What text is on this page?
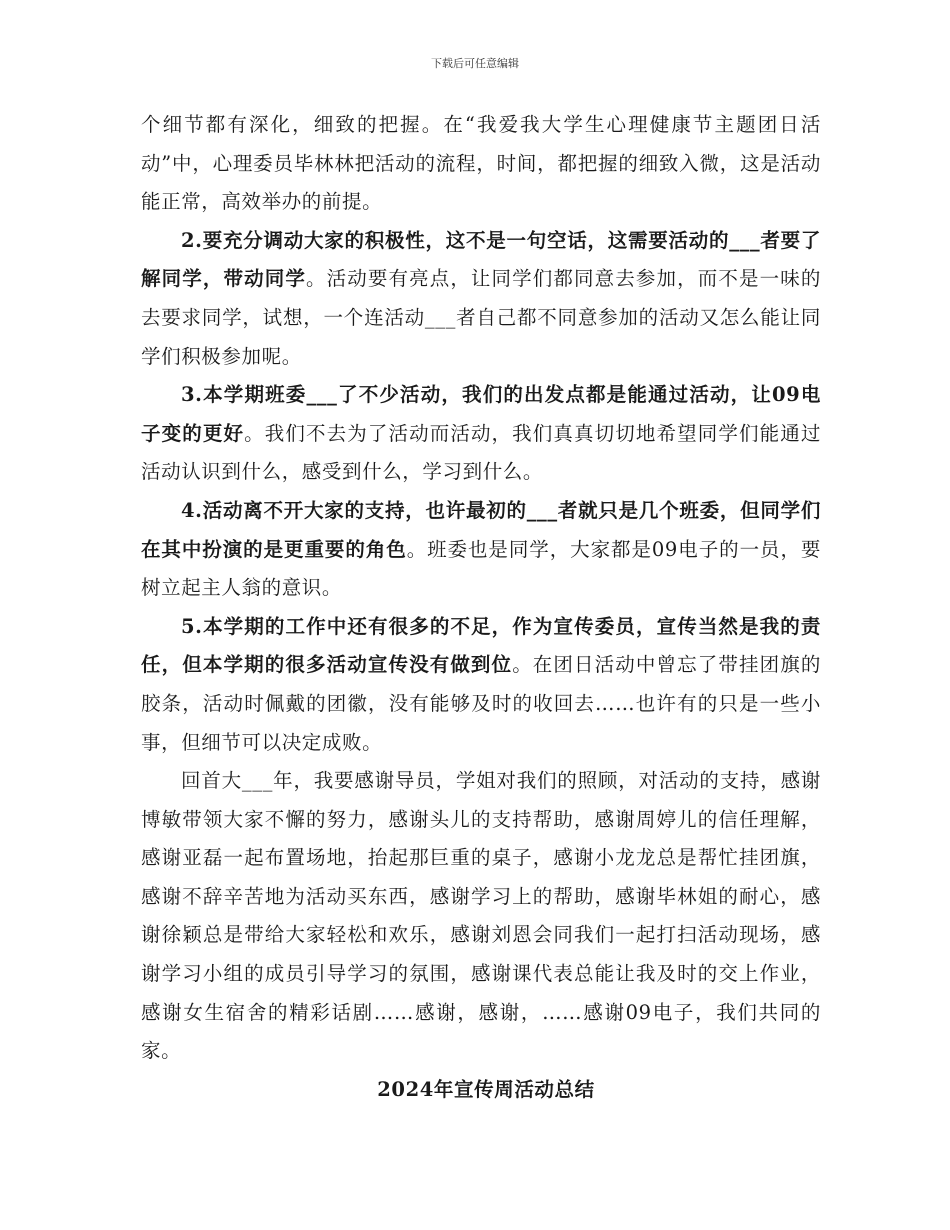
下载后可任意编辑

个细节都有深化，细致的把握。在“我爱我大学生心理健康节主题团日活动”中，心理委员毕林林把活动的流程，时间，都把握的细致入微，这是活动能正常，高效举办的前提。

2.要充分调动大家的积极性，这不是一句空话，这需要活动的___者要了解同学，带动同学。活动要有亮点，让同学们都同意去参加，而不是一味的去要求同学，试想，一个连活动___者自己都不同意参加的活动又怎么能让同学们积极参加呢。

3.本学期班委___了不少活动，我们的出发点都是能通过活动，让09电子变的更好。我们不去为了活动而活动，我们真真切切地希望同学们能通过活动认识到什么，感受到什么，学习到什么。

4.活动离不开大家的支持，也许最初的___者就只是几个班委，但同学们在其中扮演的是更重要的角色。班委也是同学，大家都是09电子的一员，要树立起主人翁的意识。

5.本学期的工作中还有很多的不足，作为宣传委员，宣传当然是我的责任，但本学期的很多活动宣传没有做到位。在团日活动中曾忘了带挂团旗的胶条，活动时佩戴的团徽，没有能够及时的收回去……也许有的只是一些小事，但细节可以决定成败。

回首大___年，我要感谢导员，学姐对我们的照顾，对活动的支持，感谢博敏带领大家不懈的努力，感谢头儿的支持帮助，感谢周婷儿的信任理解，感谢亚磊一起布置场地，抬起那巨重的桌子，感谢小龙龙总是帮忙挂团旗，感谢不辞辛苦地为活动买东西，感谢学习上的帮助，感谢毕林姐的耐心，感谢徐颖总是带给大家轻松和欢乐，感谢刘恩会同我们一起打扫活动现场，感谢学习小组的成员引导学习的氛围，感谢课代表总能让我及时的交上作业，感谢女生宿舍的精彩话剧……感谢，感谢，……感谢09电子，我们共同的家。

2024年宣传周活动总结
